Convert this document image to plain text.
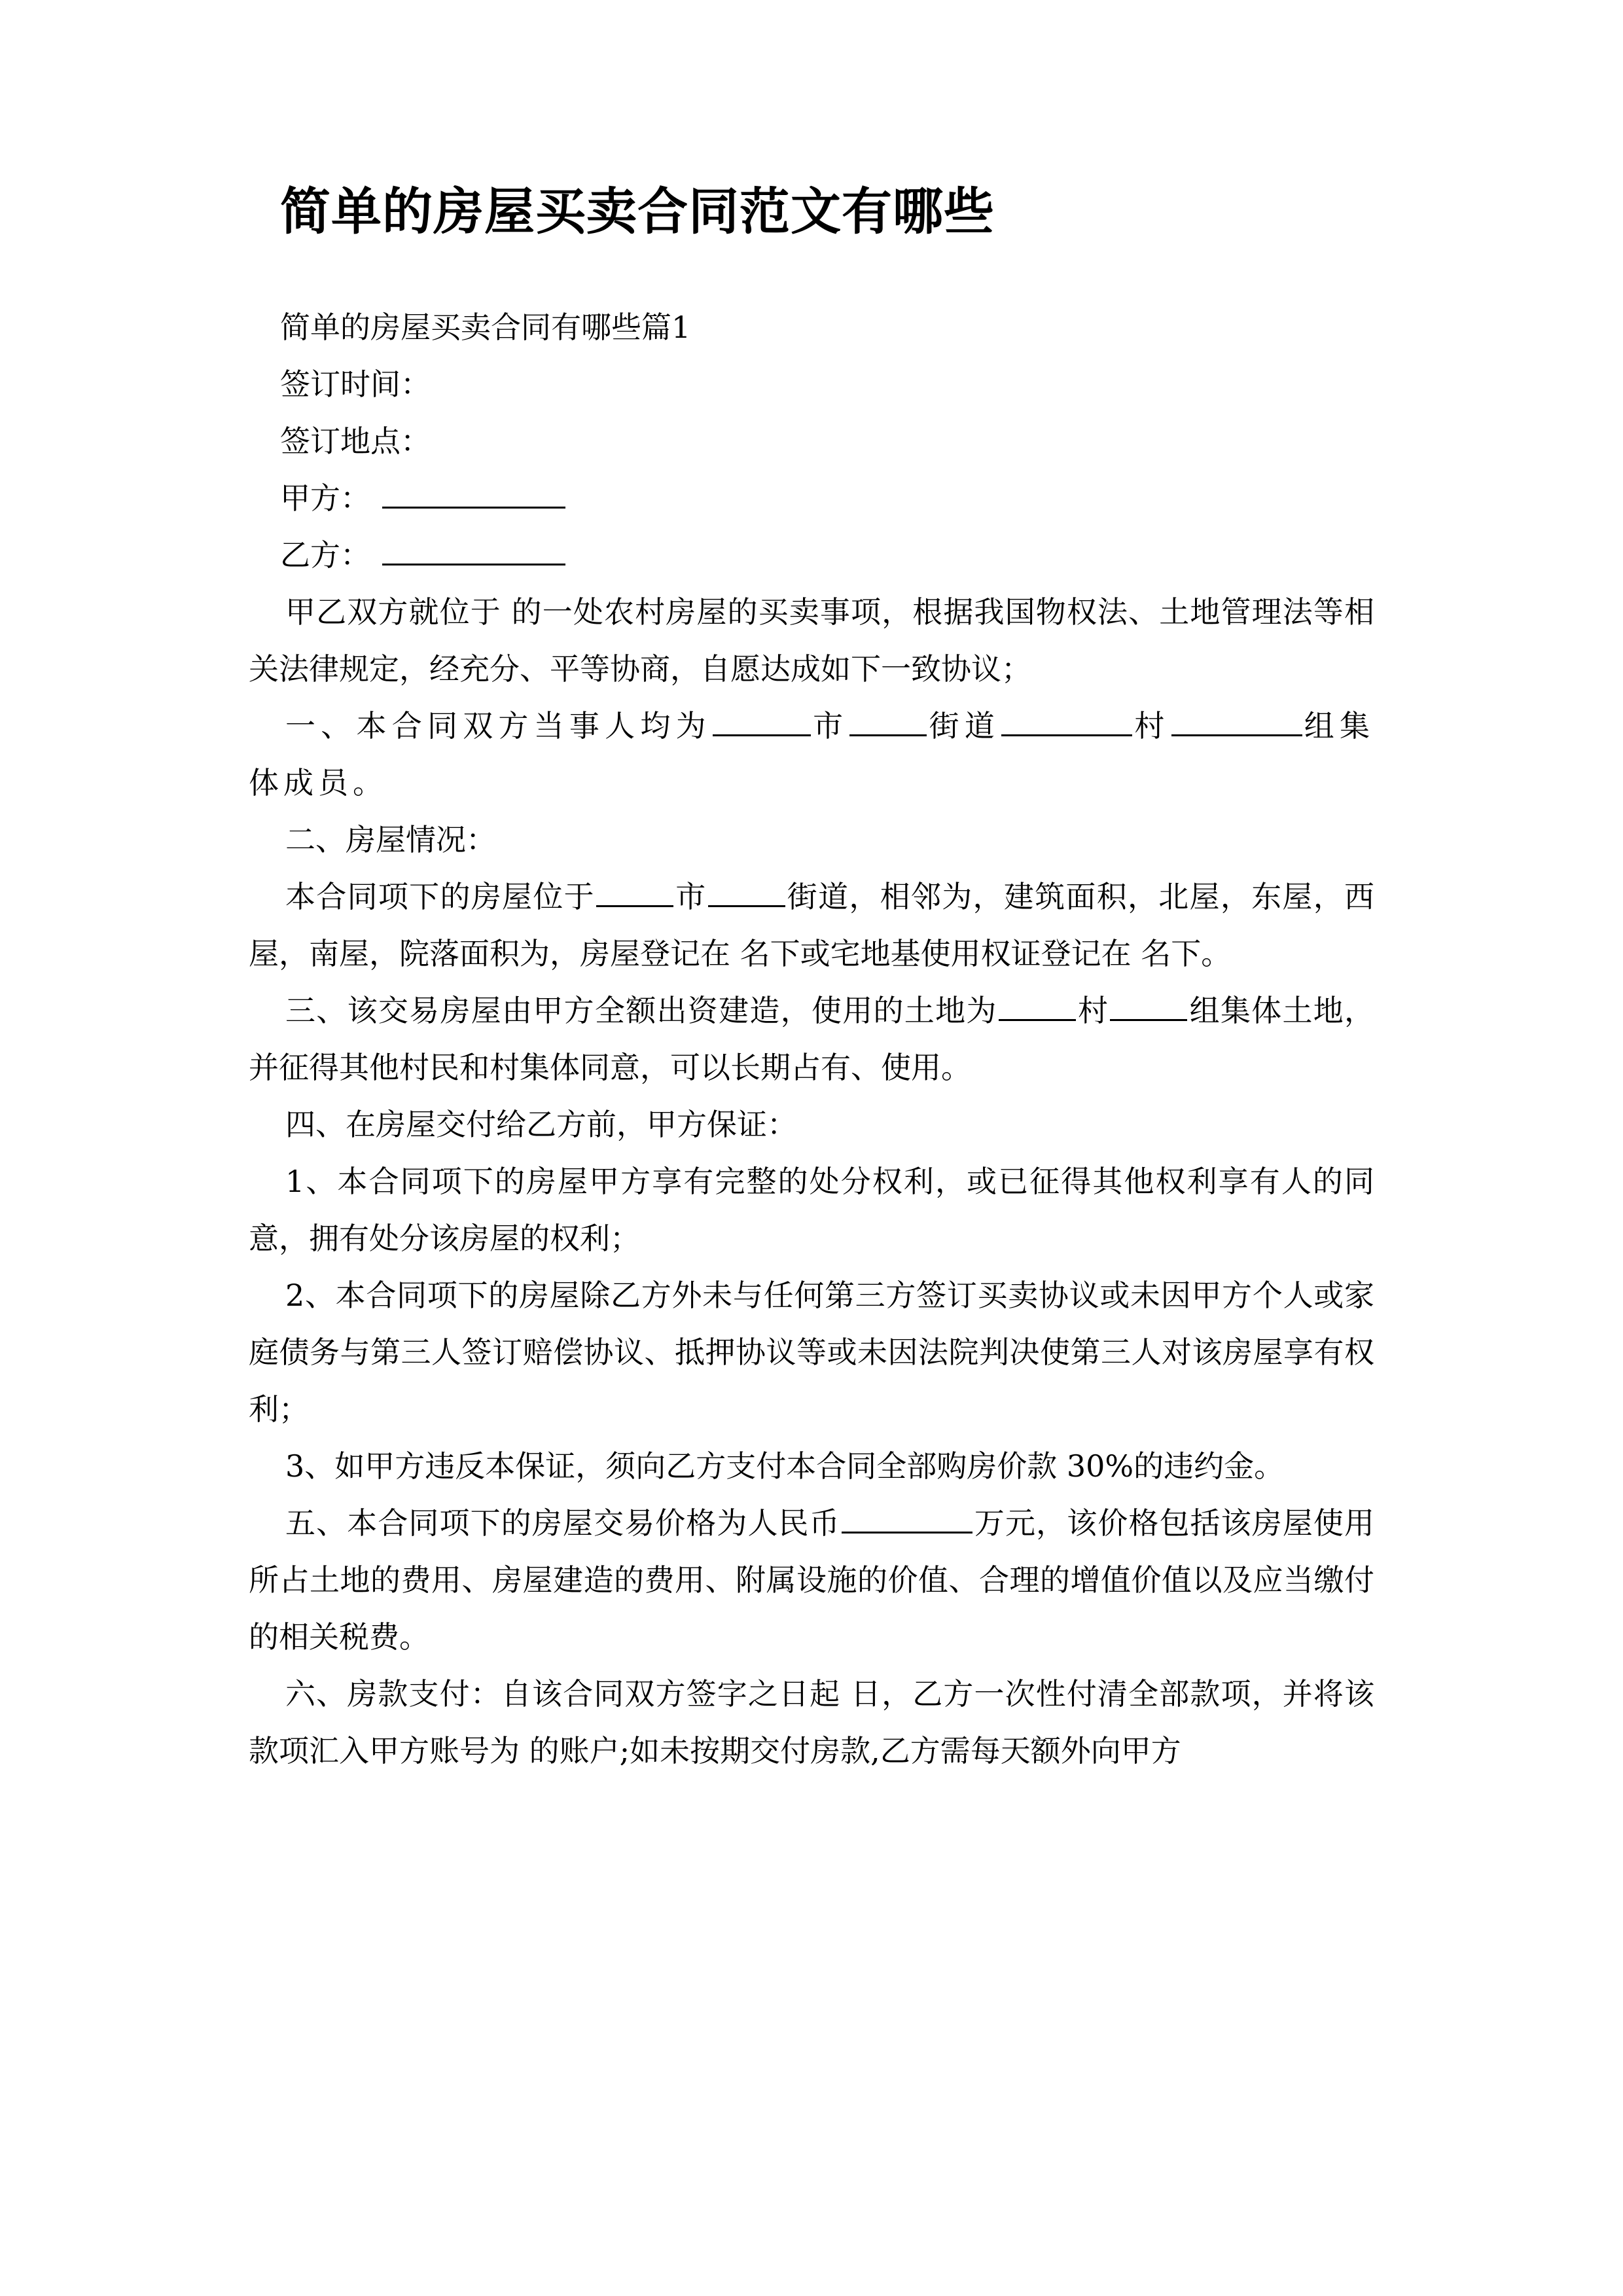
简单的房屋买卖合同范文有哪些

简单的房屋买卖合同有哪些篇1

签订时间：

签订地点：

甲方：

乙方：

甲乙双方就位于 的一处农村房屋的买卖事项，根据我国物权法、土地管理法等相关法律规定，经充分、平等协商，自愿达成如下一致协议；

一、本合同双方当事人均为	市	街道	村	组集体成员。

二、房屋情况：

本合同项下的房屋位于	市	街道，相邻为，建筑面积，北屋，东屋，西屋，南屋，院落面积为，房屋登记在 名下或宅地基使用权证登记在 名下。

三、该交易房屋由甲方全额出资建造，使用的土地为	村	组集体土地，并征得其他村民和村集体同意，可以长期占有、使用。

四、在房屋交付给乙方前，甲方保证：

1、本合同项下的房屋甲方享有完整的处分权利，或已征得其他权利享有人的同意，拥有处分该房屋的权利；

2、本合同项下的房屋除乙方外未与任何第三方签订买卖协议或未因甲方个人或家庭债务与第三人签订赔偿协议、抵押协议等或未因法院判决使第三人对该房屋享有权利；

3、如甲方违反本保证，须向乙方支付本合同全部购房价款 30%的违约金。

五、本合同项下的房屋交易价格为人民币	万元，该价格包括该房屋使用所占土地的费用、房屋建造的费用、附属设施的价值、合理的增值价值以及应当缴付的相关税费。

六、房款支付：自该合同双方签字之日起 日，乙方一次性付清全部款项，并将该款项汇入甲方账号为 的账户;如未按期交付房款,乙方需每天额外向甲方
